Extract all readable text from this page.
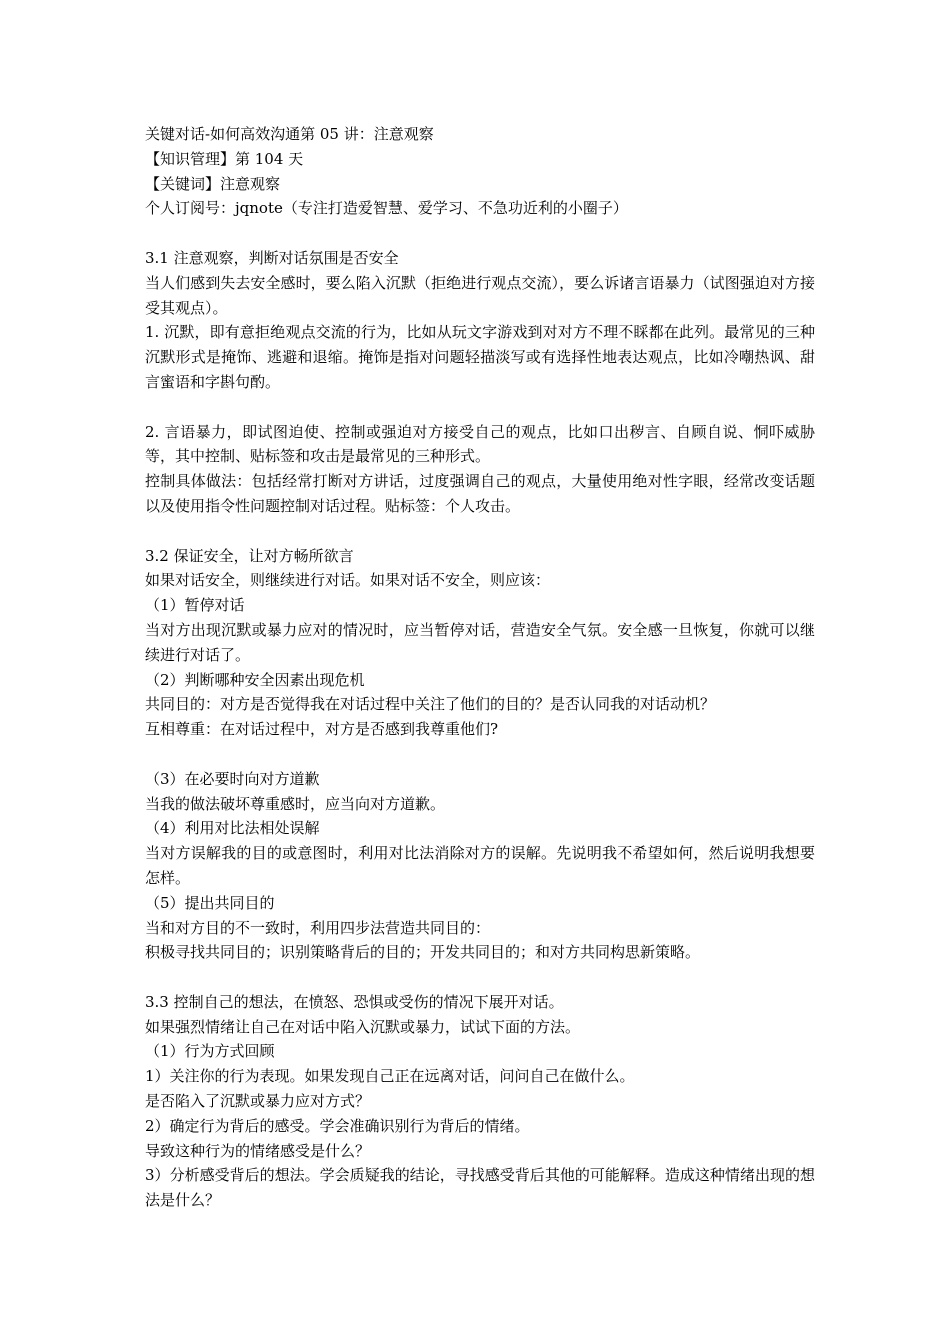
关键对话-如何高效沟通第 05 讲：注意观察

【知识管理】第 104 天

【关键词】注意观察

个人订阅号：jqnote（专注打造爱智慧、爱学习、不急功近利的小圈子）

3.1 注意观察，判断对话氛围是否安全

当人们感到失去安全感时，要么陷入沉默（拒绝进行观点交流），要么诉诸言语暴力（试图强迫对方接受其观点）。

1. 沉默，即有意拒绝观点交流的行为，比如从玩文字游戏到对对方不理不睬都在此列。最常见的三种沉默形式是掩饰、逃避和退缩。掩饰是指对问题轻描淡写或有选择性地表达观点，比如冷嘲热讽、甜言蜜语和字斟句酌。

2. 言语暴力，即试图迫使、控制或强迫对方接受自己的观点，比如口出秽言、自顾自说、恫吓威胁等，其中控制、贴标签和攻击是最常见的三种形式。

控制具体做法：包括经常打断对方讲话，过度强调自己的观点，大量使用绝对性字眼，经常改变话题以及使用指令性问题控制对话过程。贴标签：个人攻击。

3.2 保证安全，让对方畅所欲言

如果对话安全，则继续进行对话。如果对话不安全，则应该：

（1）暂停对话

当对方出现沉默或暴力应对的情况时，应当暂停对话，营造安全气氛。安全感一旦恢复，你就可以继续进行对话了。

（2）判断哪种安全因素出现危机

共同目的：对方是否觉得我在对话过程中关注了他们的目的？是否认同我的对话动机？

互相尊重：在对话过程中，对方是否感到我尊重他们?

（3）在必要时向对方道歉

当我的做法破坏尊重感时，应当向对方道歉。

（4）利用对比法相处误解

当对方误解我的目的或意图时，利用对比法消除对方的误解。先说明我不希望如何，然后说明我想要怎样。

（5）提出共同目的

当和对方目的不一致时，利用四步法营造共同目的：

积极寻找共同目的；识别策略背后的目的；开发共同目的；和对方共同构思新策略。

3.3 控制自己的想法，在愤怒、恐惧或受伤的情况下展开对话。

如果强烈情绪让自己在对话中陷入沉默或暴力，试试下面的方法。

（1）行为方式回顾

1）关注你的行为表现。如果发现自己正在远离对话，问问自己在做什么。

是否陷入了沉默或暴力应对方式？

2）确定行为背后的感受。学会准确识别行为背后的情绪。

导致这种行为的情绪感受是什么？

3）分析感受背后的想法。学会质疑我的结论，寻找感受背后其他的可能解释。造成这种情绪出现的想法是什么？
